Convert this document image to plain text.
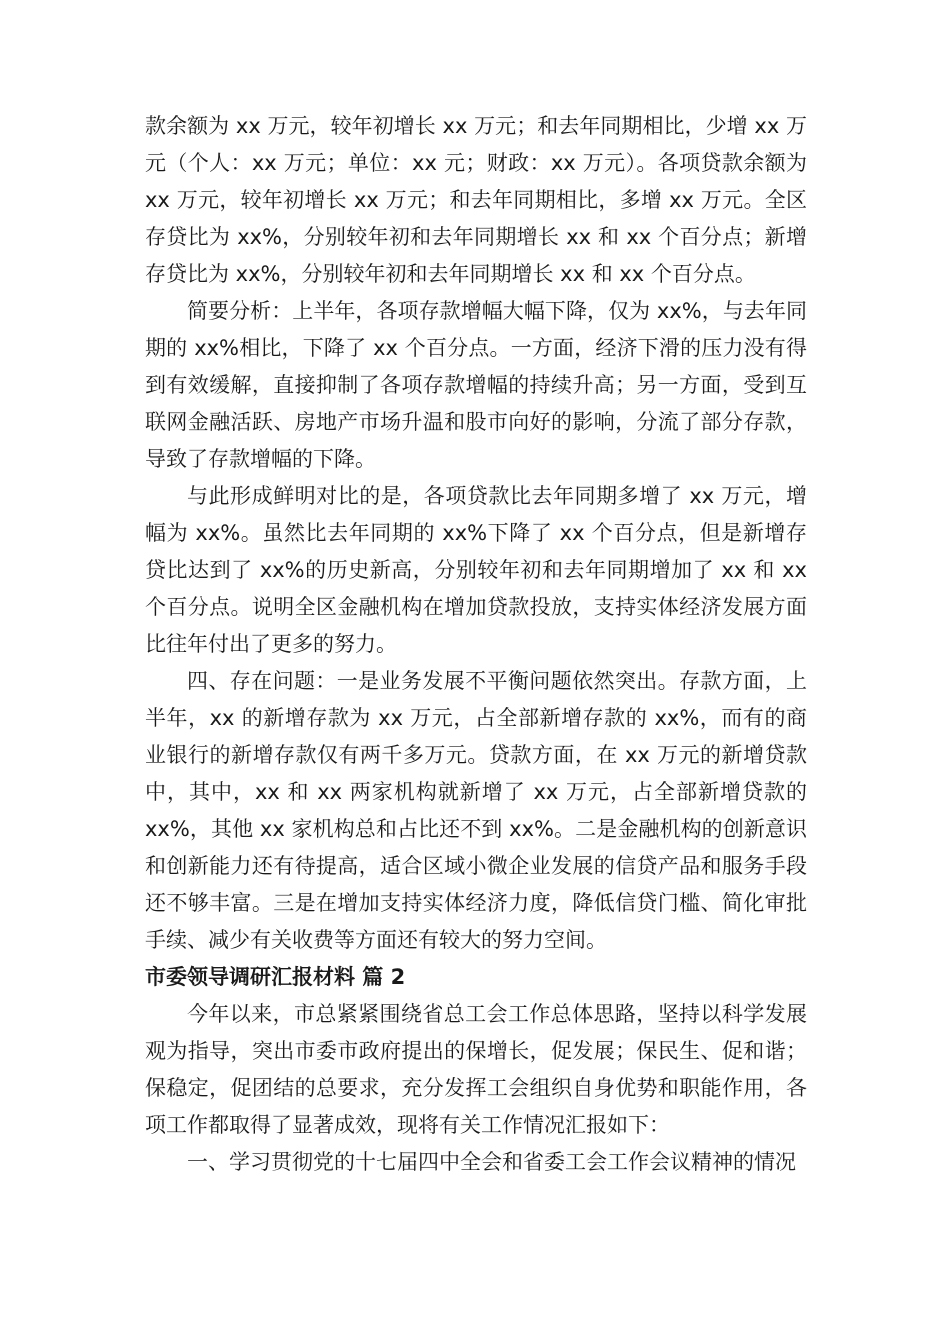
款余额为 xx 万元，较年初增长 xx 万元；和去年同期相比，少增 xx 万元（个人：xx 万元；单位：xx 元；财政：xx 万元）。各项贷款余额为 xx 万元，较年初增长 xx 万元；和去年同期相比，多增 xx 万元。全区存贷比为 xx%，分别较年初和去年同期增长 xx 和 xx 个百分点；新增存贷比为 xx%，分别较年初和去年同期增长 xx 和 xx 个百分点。

简要分析：上半年，各项存款增幅大幅下降，仅为 xx%，与去年同期的 xx%相比，下降了 xx 个百分点。一方面，经济下滑的压力没有得到有效缓解，直接抑制了各项存款增幅的持续升高；另一方面，受到互联网金融活跃、房地产市场升温和股市向好的影响，分流了部分存款，导致了存款增幅的下降。

与此形成鲜明对比的是，各项贷款比去年同期多增了 xx 万元，增幅为 xx%。虽然比去年同期的 xx%下降了 xx 个百分点，但是新增存贷比达到了 xx%的历史新高，分别较年初和去年同期增加了 xx 和 xx 个百分点。说明全区金融机构在增加贷款投放，支持实体经济发展方面比往年付出了更多的努力。

四、存在问题：一是业务发展不平衡问题依然突出。存款方面，上半年，xx 的新增存款为 xx 万元，占全部新增存款的 xx%，而有的商业银行的新增存款仅有两千多万元。贷款方面，在 xx 万元的新增贷款中，其中，xx 和 xx 两家机构就新增了 xx 万元，占全部新增贷款的 xx%，其他 xx 家机构总和占比还不到 xx%。二是金融机构的创新意识和创新能力还有待提高，适合区域小微企业发展的信贷产品和服务手段还不够丰富。三是在增加支持实体经济力度，降低信贷门槛、简化审批手续、减少有关收费等方面还有较大的努力空间。

市委领导调研汇报材料 篇 2

今年以来，市总紧紧围绕省总工会工作总体思路，坚持以科学发展观为指导，突出市委市政府提出的保增长，促发展；保民生、促和谐；保稳定，促团结的总要求，充分发挥工会组织自身优势和职能作用，各项工作都取得了显著成效，现将有关工作情况汇报如下：

一、学习贯彻党的十七届四中全会和省委工会工作会议精神的情况
